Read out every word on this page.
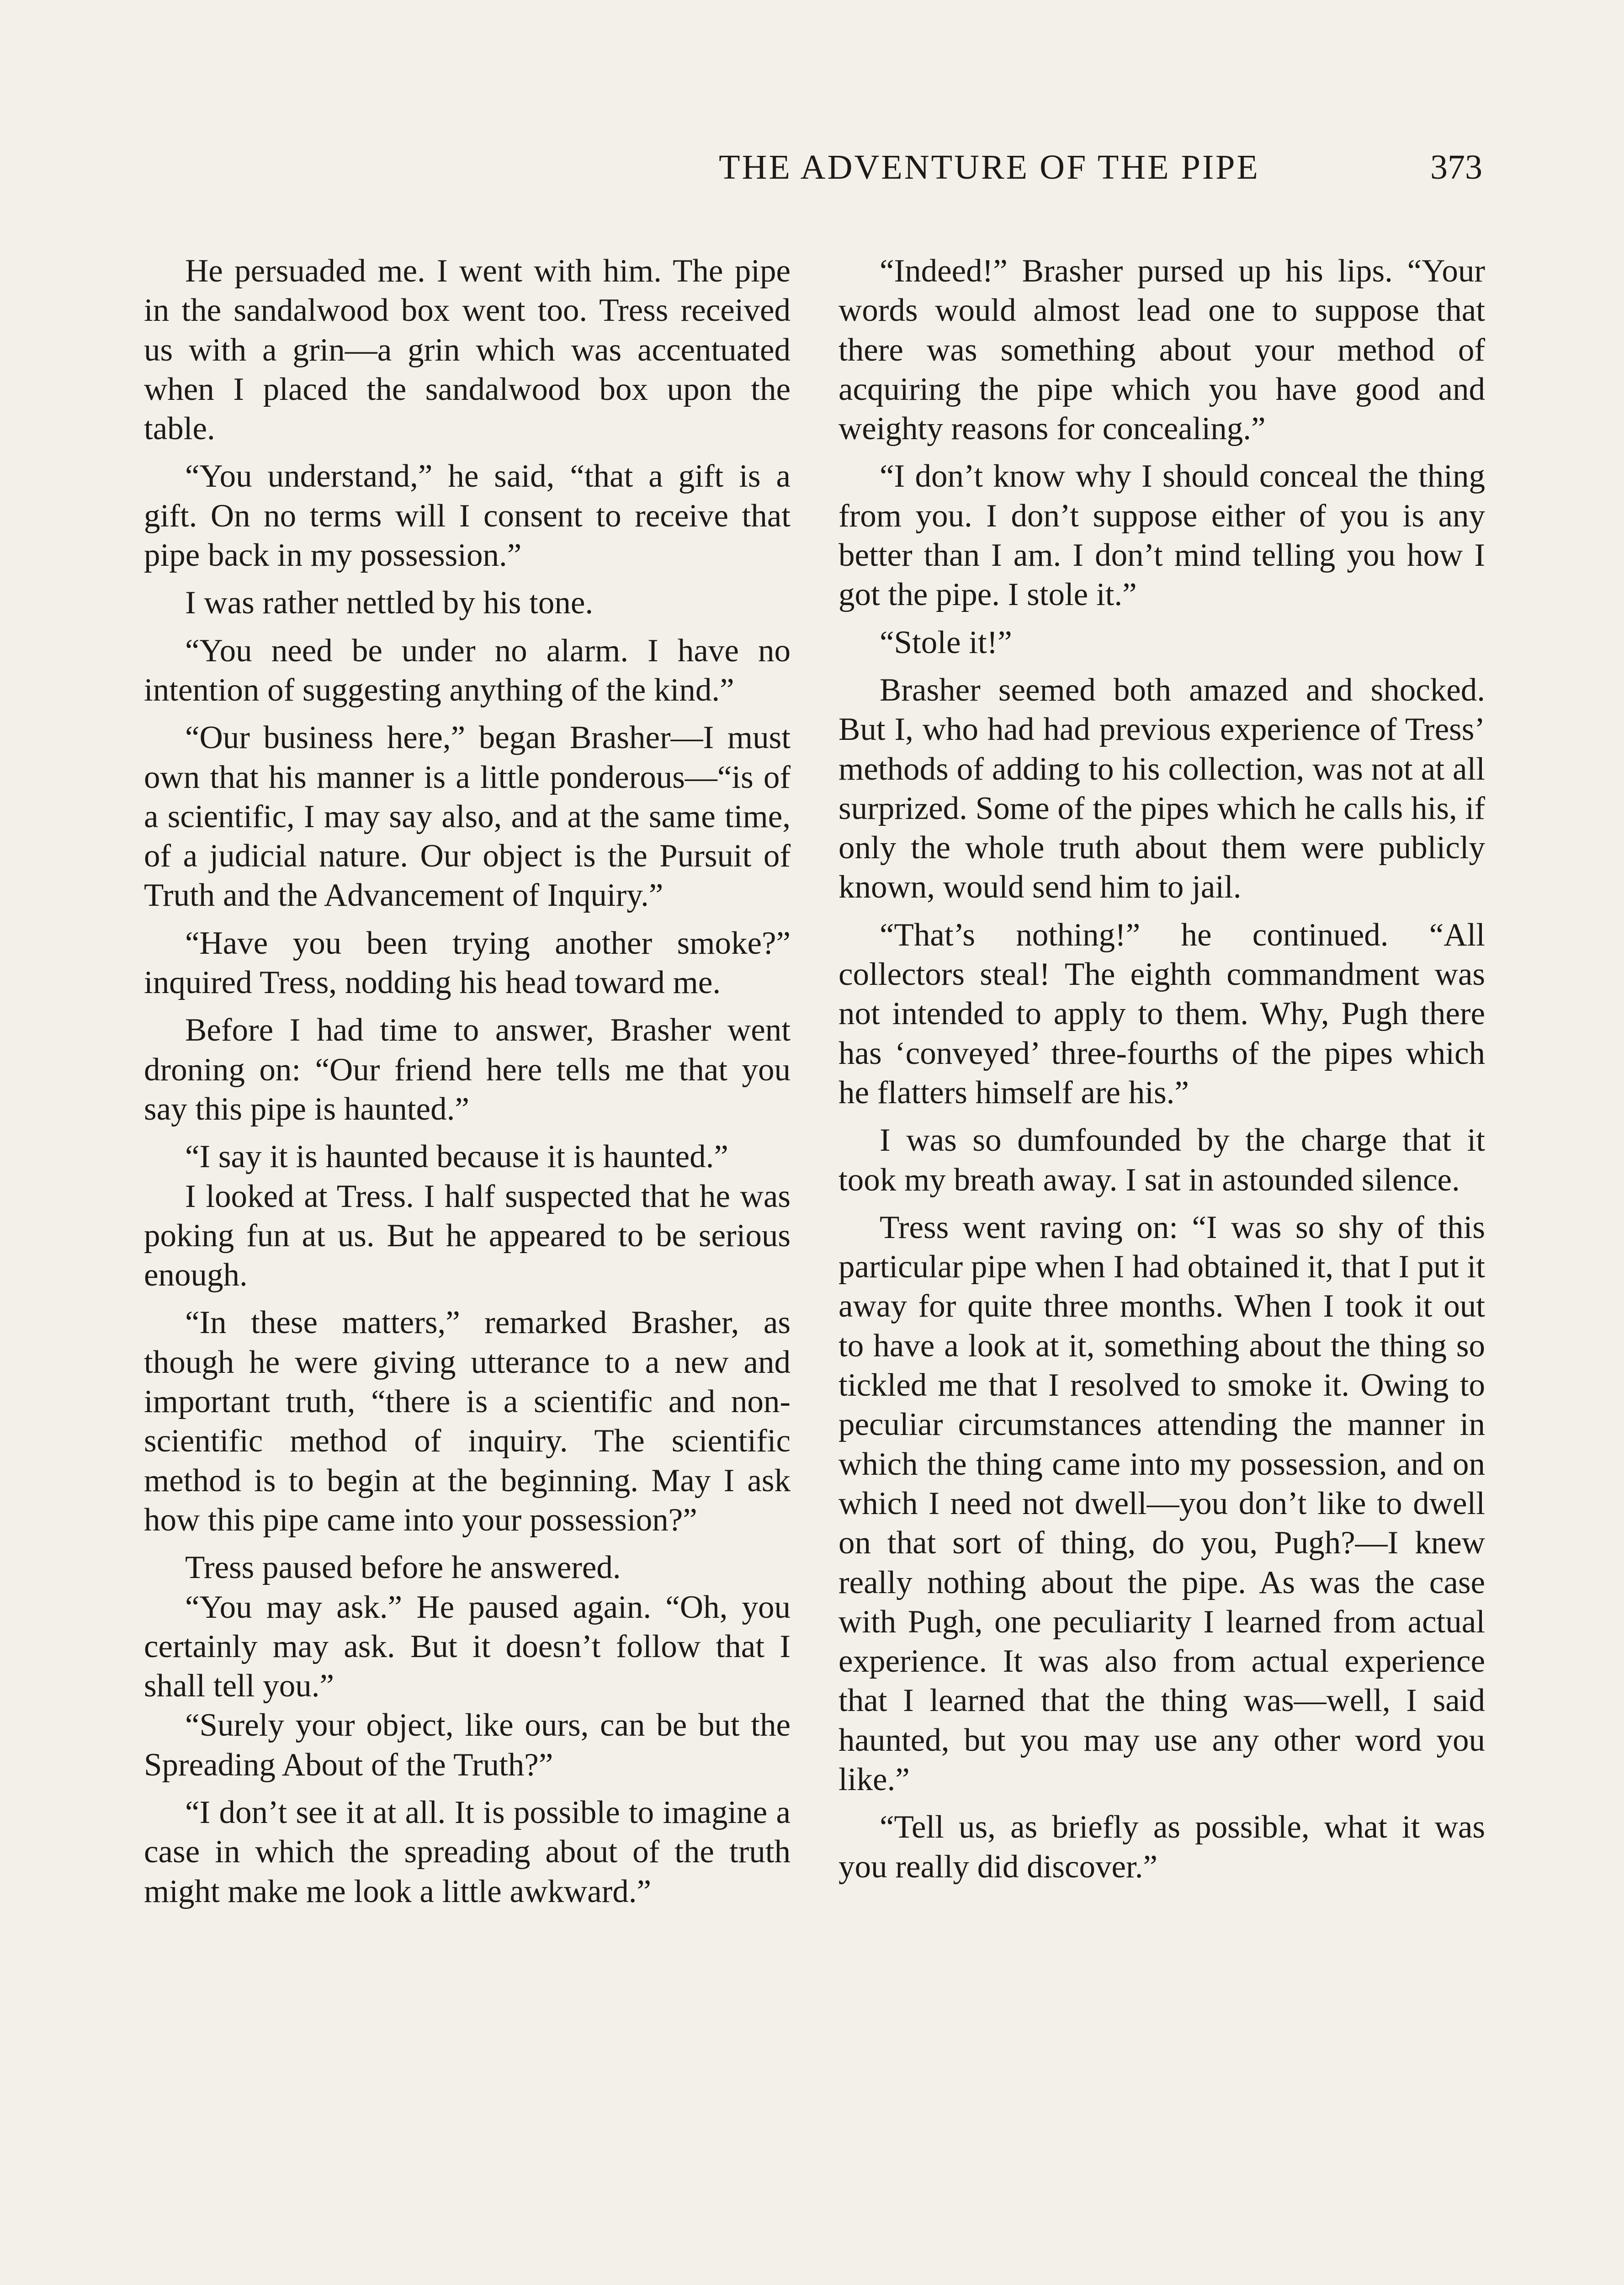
THE ADVENTURE OF THE PIPE	373

He persuaded me. I went with him. The pipe in the sandalwood box went too. Tress received us with a grin—a grin which was accentuated when I placed the sandalwood box upon the table.

“You understand,” he said, “that a gift is a gift. On no terms will I consent to receive that pipe back in my possession.”

I was rather nettled by his tone.

“You need be under no alarm. I have no intention of suggesting anything of the kind.”

“Our business here,” began Brasher—I must own that his manner is a little ponderous—“is of a scientific, I may say also, and at the same time, of a judicial nature. Our object is the Pursuit of Truth and the Advancement of Inquiry.”

“Have you been trying another smoke?” inquired Tress, nodding his head toward me.

Before I had time to answer, Brasher went droning on: “Our friend here tells me that you say this pipe is haunted.”

“I say it is haunted because it is haunted.”

I looked at Tress. I half suspected that he was poking fun at us. But he appeared to be serious enough.

“In these matters,” remarked Brasher, as though he were giving utterance to a new and important truth, “there is a scientific and non-scientific method of inquiry. The scientific method is to begin at the beginning. May I ask how this pipe came into your possession?”

Tress paused before he answered.

“You may ask.” He paused again. “Oh, you certainly may ask. But it doesn’t follow that I shall tell you.”

“Surely your object, like ours, can be but the Spreading About of the Truth?”

“I don’t see it at all. It is possible to imagine a case in which the spreading about of the truth might make me look a little awkward.”

“Indeed!” Brasher pursed up his lips. “Your words would almost lead one to suppose that there was something about your method of acquiring the pipe which you have good and weighty reasons for concealing.”

“I don’t know why I should conceal the thing from you. I don’t suppose either of you is any better than I am. I don’t mind telling you how I got the pipe. I stole it.”

“Stole it!”

Brasher seemed both amazed and shocked. But I, who had had previous experience of Tress’ methods of adding to his collection, was not at all surprized. Some of the pipes which he calls his, if only the whole truth about them were publicly known, would send him to jail.

“That’s nothing!” he continued. “All collectors steal! The eighth commandment was not intended to apply to them. Why, Pugh there has ‘conveyed’ three-fourths of the pipes which he flatters himself are his.”

I was so dumfounded by the charge that it took my breath away. I sat in astounded silence.

Tress went raving on: “I was so shy of this particular pipe when I had obtained it, that I put it away for quite three months. When I took it out to have a look at it, something about the thing so tickled me that I resolved to smoke it. Owing to peculiar circumstances attending the manner in which the thing came into my possession, and on which I need not dwell—you don’t like to dwell on that sort of thing, do you, Pugh?—I knew really nothing about the pipe. As was the case with Pugh, one peculiarity I learned from actual experience. It was also from actual experience that I learned that the thing was—well, I said haunted, but you may use any other word you like.”

“Tell us, as briefly as possible, what it was you really did discover.”
